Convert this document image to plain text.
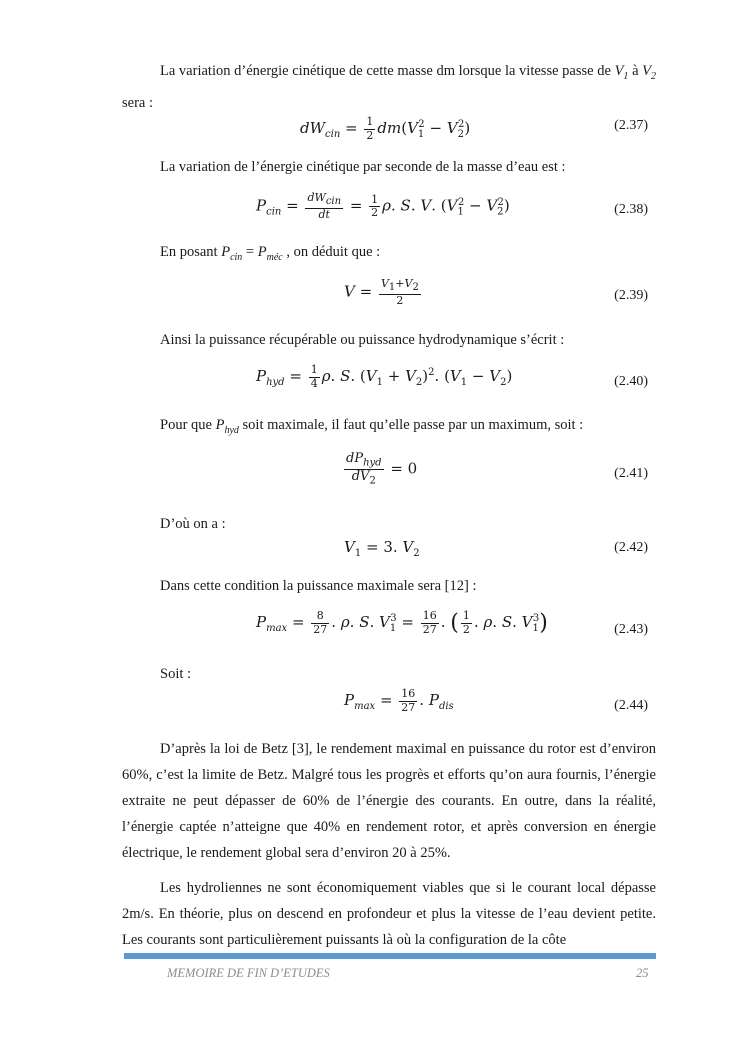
La variation d’énergie cinétique de cette masse dm lorsque la vitesse passe de $V_1$ à $V_2$ sera :
$dW_{cin} = \frac{1}{2} dm(V_1^2 - V_2^2)$	(2.37)
La variation de l’énergie cinétique par seconde de la masse d’eau est :
$P_{cin} = \frac{dW_{cin}}{dt} = \frac{1}{2} \rho$. S. V. $(V_1^2 - V_2^2)$	(2.38)
En posant $P_{cin} = P_{méc}$ , on déduit que :
$V = \frac{V_1+V_2}{2}$	(2.39)
Ainsi la puissance récupérable ou puissance hydrodynamique s’écrit :
$P_{hyd} = \frac{1}{4} \rho$. S. $(V_1 + V_2)^2$. $(V_1 - V_2)$	(2.40)
Pour que $P_{hyd}$ soit maximale, il faut qu’elle passe par un maximum, soit :
$\frac{dP_{hyd}}{dV_2} = 0$	(2.41)
D’où on a :
$V_1 = 3$. $V_2$	(2.42)
Dans cette condition la puissance maximale sera [12] :
$P_{max} = \frac{8}{27}$ . ρ. S. $V_1^3 = \frac{16}{27}$ . ( $\frac{1}{2}$ . ρ. S. $V_1^3$)	(2.43)
Soit :
$P_{max} = \frac{16}{27}$ . $P_{dis}$	(2.44)
D’après la loi de Betz [3], le rendement maximal en puissance du rotor est d’environ 60%, c’est la limite de Betz. Malgré tous les progrès et efforts qu’on aura fournis, l’énergie extraite ne peut dépasser de 60% de l’énergie des courants. En outre, dans la réalité, l’énergie captée n’atteigne que 40% en rendement rotor, et après conversion en énergie électrique, le rendement global sera d’environ 20 à 25%.
Les hydroliennes ne sont économiquement viables que si le courant local dépasse 2m/s. En théorie, plus on descend en profondeur et plus la vitesse de l’eau devient petite. Les courants sont particulièrement puissants là où la configuration de la côte
MEMOIRE DE FIN D’ETUDES	25
